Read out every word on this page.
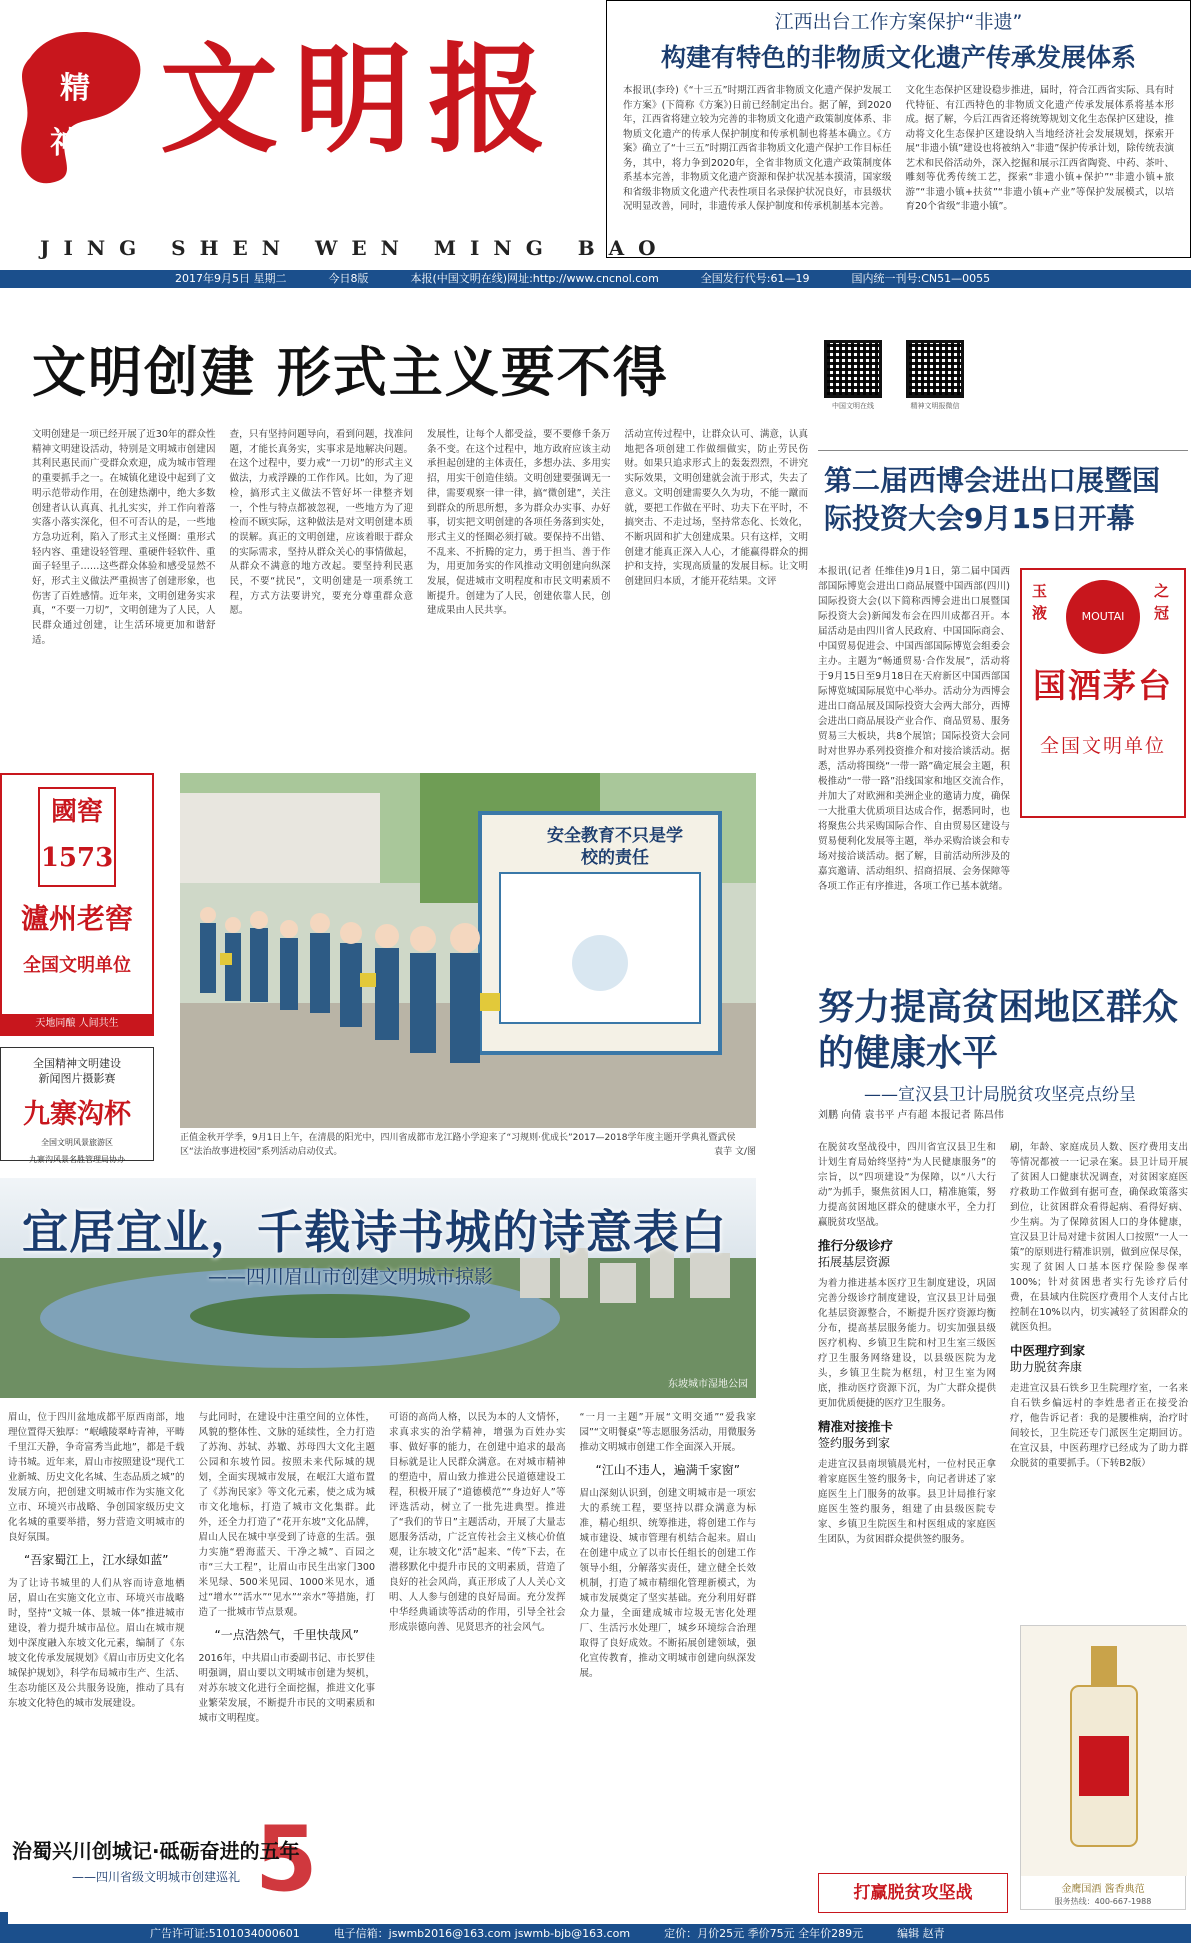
精
神 文明报
JING SHEN WEN MING BAO
2017年9月5日 星期二	今日8版	本报(中国文明在线)网址:http://www.cncnol.com	全国发行代号:61—19	国内统一刊号:CN51—0055
江西出台工作方案保护“非遗”
构建有特色的非物质文化遗产传承发展体系

本报讯(李玲)《“十三五”时期江西省非物质文化遗产保护发展工作方案》(下简称《方案》)日前已经制定出台。据了解，到2020年，江西省将建立较为完善的非物质文化遗产政策制度体系、非物质文化遗产的传承人保护制度和传承机制也将基本确立。《方案》确立了“十三五”时期江西省非物质文化遗产保护工作目标任务，其中，将力争到2020年，全省非物质文化遗产政策制度体系基本完善，非物质文化遗产资源和保护状况基本摸清，国家级和省级非物质文化遗产代表性项目名录保护状况良好，市县级状况明显改善，同时，非遗传承人保护制度和传承机制基本完善。

文化生态保护区建设稳步推进，届时，符合江西省实际、具有时代特征、有江西特色的非物质文化遗产传承发展体系将基本形成。据了解，今后江西省还将统筹规划文化生态保护区建设，推动将文化生态保护区建设纳入当地经济社会发展规划，探索开展“非遗小镇”建设也将被纳入“非遗”保护传承计划，除传统表演艺术和民俗活动外，深入挖掘和展示江西省陶瓷、中药、茶叶、雕刻等优秀传统工艺，探索“非遗小镇+保护”“非遗小镇+旅游”“非遗小镇+扶贫”“非遗小镇+产业”等保护发展模式，以培育20个省级“非遗小镇”。

文明创建 形式主义要不得
中国文明在线	精神文明报微信

文明创建是一项已经开展了近30年的群众性精神文明建设活动，特别是文明城市创建因其利民惠民而广受群众欢迎，成为城市管理的重要抓手之一。在城镇化建设中起到了文明示范带动作用，在创建热潮中，绝大多数创建者认认真真、扎扎实实，并工作向着落实落小落实深化，但不可否认的是，一些地方急功近利，陷入了形式主义怪圈：重形式轻内容、重建设轻管理、重硬件轻软件、重面子轻里子……这些群众体验和感受显然不好，形式主义做法严重损害了创建形象，也伤害了百姓感情。近年来，文明创建务实求真，“不要一刀切”，文明创建为了人民，人民群众通过创建，让生活环境更加和谐舒适。

查，只有坚持问题导向，看到问题，找准问题，才能长真务实，实事求是地解决问题。在这个过程中，要力戒“一刀切”的形式主义做法，力戒浮躁的工作作风。比如，为了迎检，搞形式主义做法不管好坏一律整齐划一，个性与特点都被忽视，一些地方为了迎检而不顾实际，这种做法是对文明创建本质的误解。真正的文明创建，应该着眼于群众的实际需求，坚持从群众关心的事情做起，从群众不满意的地方改起。要坚持利民惠民，不要“扰民”，文明创建是一项系统工程，方式方法要讲究，要充分尊重群众意愿。

发展性，让每个人都受益，要不要修千条万条不变。在这个过程中，地方政府应该主动承担起创建的主体责任，多想办法、多用实招，用实干创造佳绩。文明创建要强调无一律，需要观察一律一律，搞“微创建”，关注到群众的所思所想，多为群众办实事、办好事，切实把文明创建的各项任务落到实处，形式主义的怪圈必须打破。要保持不出错、不乱来、不折腾的定力，勇于担当、善于作为，用更加务实的作风推动文明创建向纵深发展，促进城市文明程度和市民文明素质不断提升。创建为了人民，创建依靠人民，创建成果由人民共享。

活动宣传过程中，让群众认可、满意，认真地把各项创建工作做细做实，防止劳民伤财。如果只追求形式上的轰轰烈烈，不讲究实际效果，文明创建就会流于形式，失去了意义。文明创建需要久久为功，不能一蹴而就，要把工作做在平时、功夫下在平时，不搞突击、不走过场，坚持常态化、长效化，不断巩固和扩大创建成果。只有这样，文明创建才能真正深入人心，才能赢得群众的拥护和支持，实现高质量的发展目标。让文明创建回归本质，才能开花结果。文评

第二届西博会进出口展暨国际投资大会9月15日开幕

本报讯(记者 任维佳)9月1日，第二届中国西部国际博览会进出口商品展暨中国西部(四川)国际投资大会(以下简称西博会进出口展暨国际投资大会)新闻发布会在四川成都召开。本届活动是由四川省人民政府、中国国际商会、中国贸易促进会、中国西部国际博览会组委会主办。主题为“畅通贸易·合作发展”，活动将于9月15日至9月18日在天府新区中国西部国际博览城国际展览中心举办。活动分为西博会进出口商品展及国际投资大会两大部分，西博会进出口商品展设产业合作、商品贸易、服务贸易三大板块，共8个展馆；国际投资大会同时对世界办系列投资推介和对接洽谈活动。据悉，活动将围绕“一带一路”确定展会主题，积极推动“一带一路”沿线国家和地区交流合作，并加大了对欧洲和美洲企业的邀请力度，确保一大批重大优质项目达成合作，据悉同时，也将聚焦公共采购国际合作、自由贸易区建设与贸易便利化发展等主题，举办采购洽谈会和专场对接洽谈活动。据了解，目前活动所涉及的嘉宾邀请、活动组织、招商招展、会务保障等各项工作正有序推进，各项工作已基本就绪。

玉液	MOUTAI
之冠
国酒茅台
全国文明单位
國窖1573
瀘州老窖
全国文明单位
天地同酿 人间共生
全国精神文明建设
新闻图片摄影赛
九寨沟杯
全国文明风景旅游区
九寨沟风景名胜管理局协办
安全教育不只是学校的责任
正值金秋开学季，9月1日上午，在清晨的阳光中，四川省成都市龙江路小学迎来了“习规则·优成长”2017—2018学年度主题开学典礼暨武侯区“法治故事进校园”系列活动启动仪式。	袁芋 文/图
东坡城市湿地公园
宜居宜业，千载诗书城的诗意表白
——四川眉山市创建文明城市掠影

眉山，位于四川盆地成都平原西南部，地理位置得天独厚：“岷峨陵翠峙青神，平畴千里江天静，争奇富秀当此地”，都是千载诗书城。近年来，眉山市按照建设“现代工业新城、历史文化名城、生态品质之城”的发展方向，把创建文明城市作为实施文化立市、环境兴市战略、争创国家级历史文化名城的重要举措，努力营造文明城市的良好氛围。

“吾家蜀江上，江水绿如蓝”

为了让诗书城里的人们从容而诗意地栖居，眉山在实施文化立市、环境兴市战略时，坚持“文城一体、景城一体”推进城市建设，着力提升城市品位。眉山在城市规划中深度融入东坡文化元素，编制了《东坡文化传承发展规划》《眉山市历史文化名城保护规划》，科学布局城市生产、生活、生态功能区及公共服务设施，推动了具有东坡文化特色的城市发展建设。

与此同时，在建设中注重空间的立体性，风貌的整体性、文脉的延续性，全力打造了苏洵、苏轼、苏辙、苏母四大文化主题公园和东坡竹园。按照未来代际城的规划，全面实现城市发展，在岷江大道布置了《苏洵民家》等文化元素，使之成为城市文化地标，打造了城市文化集群。此外，还全力打造了“花开东坡”文化品牌，眉山人民在城中享受到了诗意的生活。强力实施“碧海蓝天、干净之城”、百园之市“三大工程”，让眉山市民生出家门300米见绿、500米见园、1000米见水，通过“增水”“活水”“见水”“亲水”等措施，打造了一批城市节点景观。

“一点浩然气，千里快哉风”

2016年，中共眉山市委副书记、市长罗佳明强调，眉山要以文明城市创建为契机，对苏东坡文化进行全面挖掘，推进文化事业繁荣发展，不断提升市民的文明素质和城市文明程度。

可语的高尚人格，以民为本的人文情怀，求真求实的治学精神，增强为百姓办实事、做好事的能力，在创建中追求的最高目标就是让人民群众满意。在对城市精神的塑造中，眉山致力推进公民道德建设工程，积极开展了“道德模范”“身边好人”等评选活动，树立了一批先进典型。推进了“我们的节日”主题活动，开展了大量志愿服务活动，广泛宣传社会主义核心价值观，让东坡文化“活”起来、“传”下去，在潜移默化中提升市民的文明素质，营造了良好的社会风尚，真正形成了人人关心文明、人人参与创建的良好局面。充分发挥中华经典诵读等活动的作用，引导全社会形成崇德向善、见贤思齐的社会风气。

“一月一主题”开展“文明交通”“爱我家园”“文明餐桌”等志愿服务活动，用微服务推动文明城市创建工作全面深入开展。

“江山不违人，遍满千家窗”

眉山深刻认识到，创建文明城市是一项宏大的系统工程，要坚持以群众满意为标准，精心组织、统筹推进，将创建工作与城市建设、城市管理有机结合起来。眉山在创建中成立了以市长任组长的创建工作领导小组，分解落实责任，建立健全长效机制，打造了城市精细化管理新模式，为城市发展奠定了坚实基础。充分利用好群众力量，全面建成城市垃圾无害化处理厂、生活污水处理厂，城乡环境综合治理取得了良好成效。不断拓展创建领域，强化宣传教育，推动文明城市创建向纵深发展。

5
治蜀兴川创城记·砥砺奋进的五年
——四川省级文明城市创建巡礼
努力提高贫困地区群众的健康水平
——宣汉县卫计局脱贫攻坚亮点纷呈
刘鹏 向倩 袁书平 卢有超 本报记者 陈昌伟

在脱贫攻坚战役中，四川省宣汉县卫生和计划生育局始终坚持“为人民健康服务”的宗旨，以“四项建设”为保障，以“八大行动”为抓手，聚焦贫困人口，精准施策，努力提高贫困地区群众的健康水平，全力打赢脱贫攻坚战。

推行分级诊疗

拓展基层资源

为着力推进基本医疗卫生制度建设，巩固完善分级诊疗制度建设，宣汉县卫计局强化基层资源整合，不断提升医疗资源均衡分布，提高基层服务能力。切实加强县级医疗机构、乡镇卫生院和村卫生室三级医疗卫生服务网络建设，以县级医院为龙头，乡镇卫生院为枢纽，村卫生室为网底，推动医疗资源下沉，为广大群众提供更加优质便捷的医疗卫生服务。

精准对接推卡

签约服务到家

走进宣汉县南坝镇晨光村，一位村民正拿着家庭医生签约服务卡，向记者讲述了家庭医生上门服务的故事。县卫计局推行家庭医生签约服务，组建了由县级医院专家、乡镇卫生院医生和村医组成的家庭医生团队，为贫困群众提供签约服务。

刷，年龄、家庭成员人数、医疗费用支出等情况都被一一记录在案。县卫计局开展了贫困人口健康状况调查，对贫困家庭医疗救助工作做到有据可查，确保政策落实到位，让贫困群众看得起病、看得好病、少生病。为了保障贫困人口的身体健康，宣汉县卫计局对建卡贫困人口按照“一人一策”的原则进行精准识别，做到应保尽保，实现了贫困人口基本医疗保险参保率100%；针对贫困患者实行先诊疗后付费，在县域内住院医疗费用个人支付占比控制在10%以内，切实减轻了贫困群众的就医负担。

中医理疗到家

助力脱贫奔康

走进宣汉县石铁乡卫生院理疗室，一名来自石铁乡偏远村的李姓患者正在接受治疗，他告诉记者：我的是腰椎病，治疗时间较长，卫生院还专门派医生定期回访。在宣汉县，中医药理疗已经成为了助力群众脱贫的重要抓手。（下转B2版）

金鹰国酒 酱香典范
服务热线：400-667-1988
打赢脱贫攻坚战
广告许可证:5101034000601	电子信箱：jswmb2016@163.com jswmb-bjb@163.com	定价：月价25元 季价75元 全年价289元	编辑 赵青
